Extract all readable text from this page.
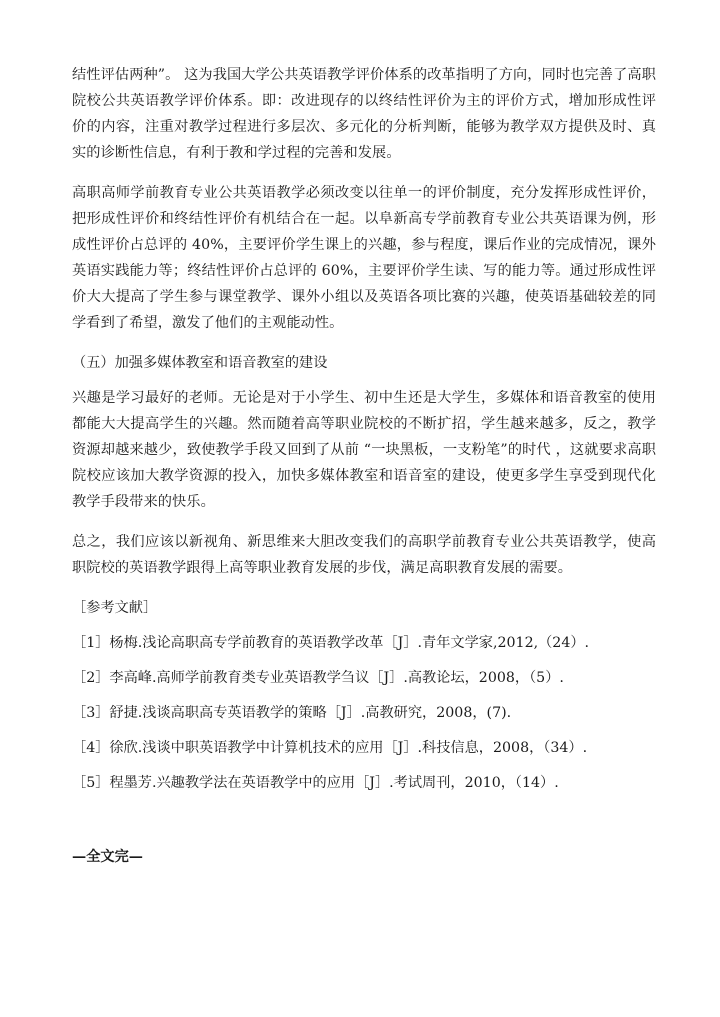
结性评估两种”。 这为我国大学公共英语教学评价体系的改革指明了方向，同时也完善了高职院校公共英语教学评价体系。即：改进现存的以终结性评价为主的评价方式，增加形成性评价的内容，注重对教学过程进行多层次、多元化的分析判断，能够为教学双方提供及时、真实的诊断性信息，有利于教和学过程的完善和发展。

高职高师学前教育专业公共英语教学必须改变以往单一的评价制度，充分发挥形成性评价，把形成性评价和终结性评价有机结合在一起。以阜新高专学前教育专业公共英语课为例，形成性评价占总评的 40%，主要评价学生课上的兴趣，参与程度，课后作业的完成情况，课外英语实践能力等；终结性评价占总评的 60%，主要评价学生读、写的能力等。通过形成性评价大大提高了学生参与课堂教学、课外小组以及英语各项比赛的兴趣，使英语基础较差的同学看到了希望，激发了他们的主观能动性。

（五）加强多媒体教室和语音教室的建设

兴趣是学习最好的老师。无论是对于小学生、初中生还是大学生，多媒体和语音教室的使用都能大大提高学生的兴趣。然而随着高等职业院校的不断扩招，学生越来越多，反之，教学资源却越来越少，致使教学手段又回到了从前 “一块黑板，一支粉笔”的时代 ，这就要求高职院校应该加大教学资源的投入，加快多媒体教室和语音室的建设，使更多学生享受到现代化教学手段带来的快乐。

总之，我们应该以新视角、新思维来大胆改变我们的高职学前教育专业公共英语教学，使高职院校的英语教学跟得上高等职业教育发展的步伐，满足高职教育发展的需要。

［参考文献］

［1］杨梅.浅论高职高专学前教育的英语教学改革［J］.青年文学家,2012,（24）.

［2］李高峰.高师学前教育类专业英语教学刍议［J］.高教论坛，2008，（5）.

［3］舒捷.浅谈高职高专英语教学的策略［J］.高教研究，2008，(7).

［4］徐欣.浅谈中职英语教学中计算机技术的应用［J］.科技信息，2008，（34）.

［5］程墨芳.兴趣教学法在英语教学中的应用［J］.考试周刊，2010，（14）.

—全文完—
